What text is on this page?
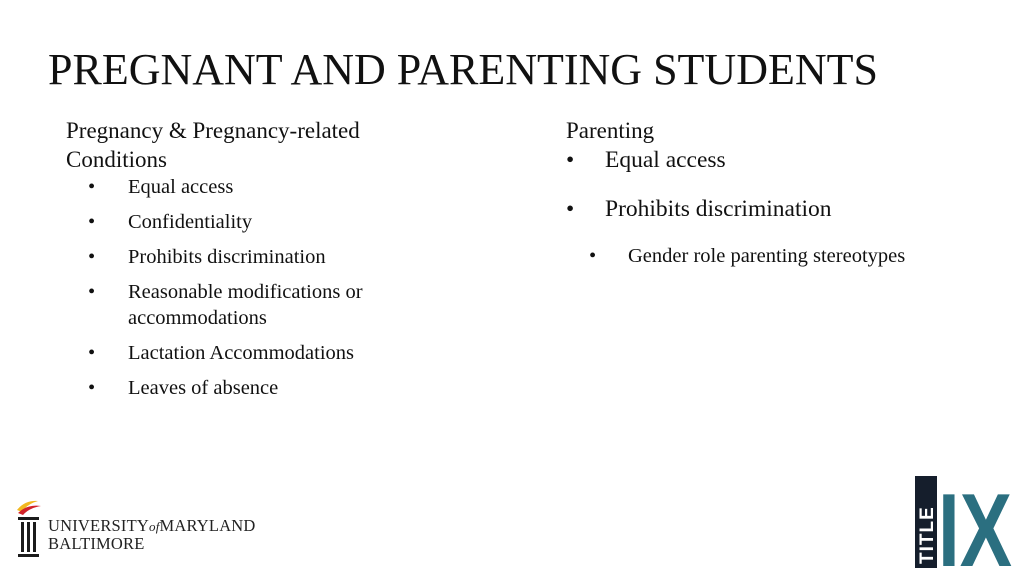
PREGNANT AND PARENTING STUDENTS
Pregnancy & Pregnancy-related
Conditions
• Equal access
• Confidentiality
• Prohibits discrimination
• Reasonable modifications or accommodations
• Lactation Accommodations
• Leaves of absence
Parenting
• Equal access
• Prohibits discrimination
• Gender role parenting stereotypes
UNIVERSITYofMARYLAND
BALTIMORE	TITLE IX
